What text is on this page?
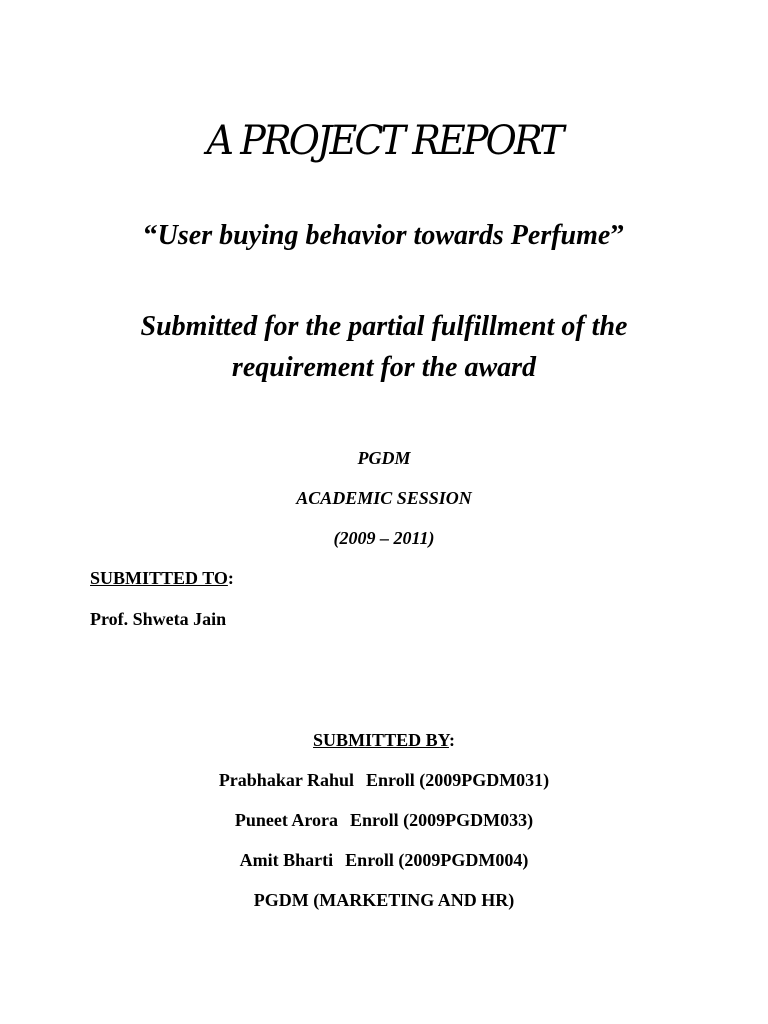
A PROJECT REPORT
“User buying behavior towards Perfume”
Submitted for the partial fulfillment of the
requirement for the award
PGDM
ACADEMIC SESSION
(2009 – 2011)
SUBMITTED TO:
Prof. Shweta Jain
SUBMITTED BY:
Prabhakar Rahul Enroll (2009PGDM031)
Puneet Arora Enroll (2009PGDM033)
Amit Bharti Enroll (2009PGDM004)
PGDM (MARKETING AND HR)
